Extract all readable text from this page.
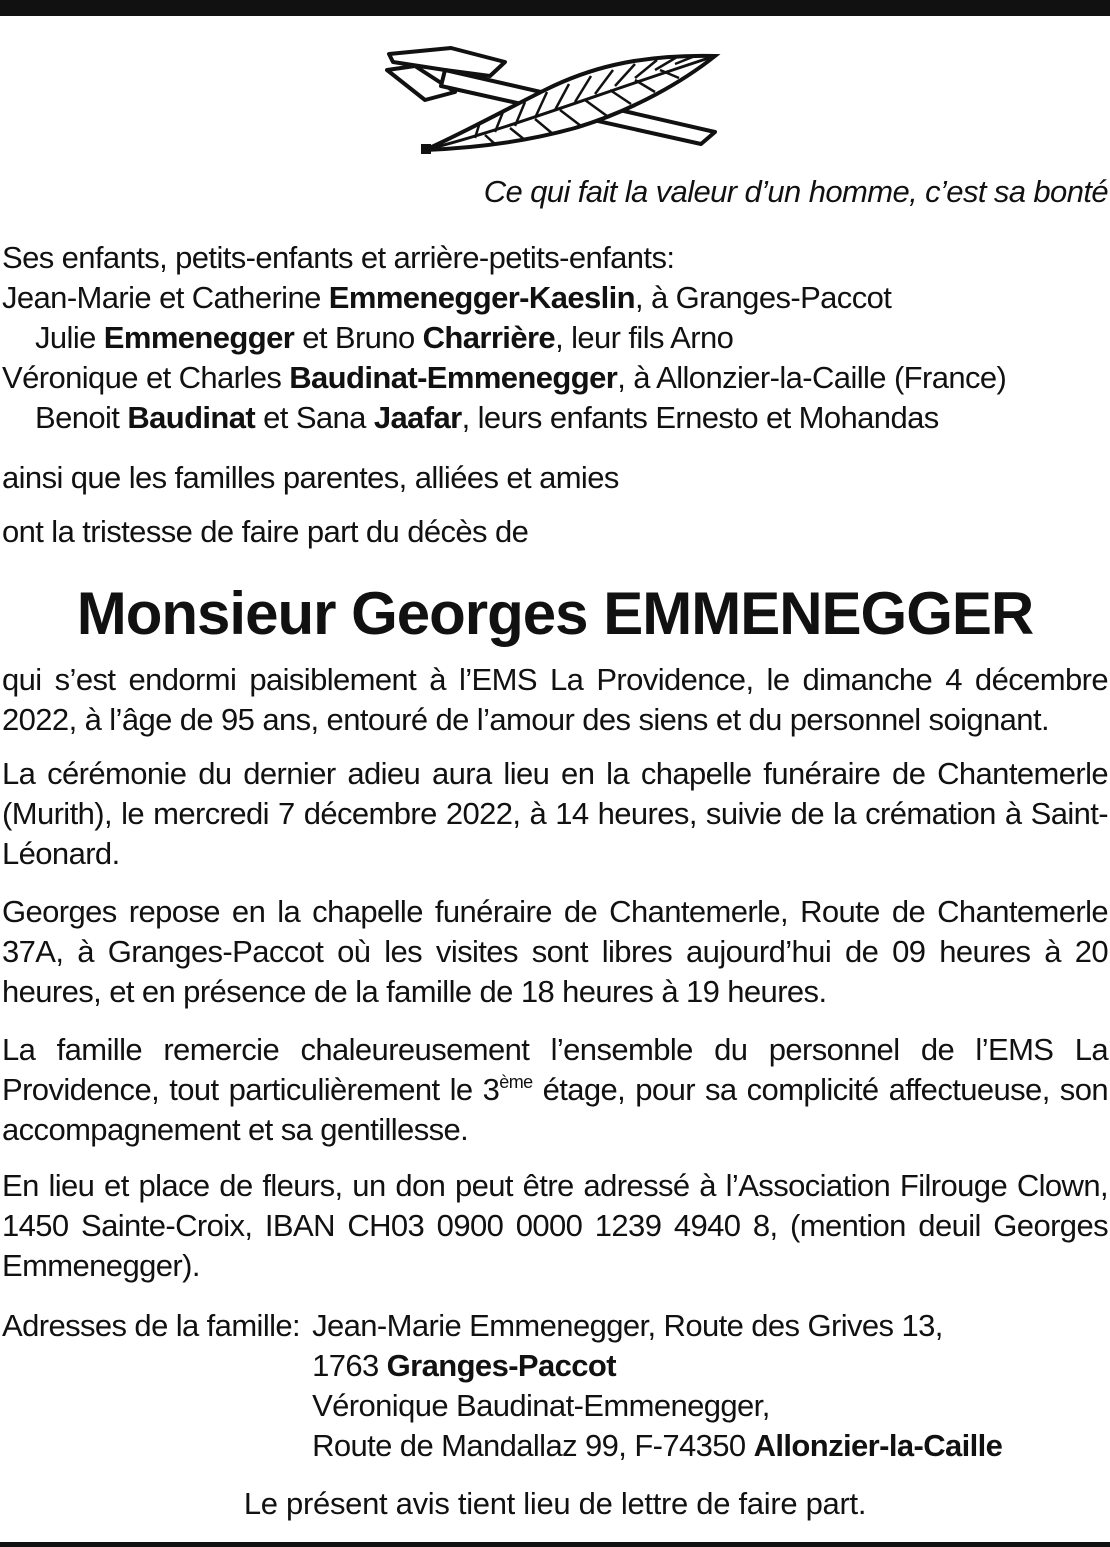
Ce qui fait la valeur d’un homme, c’est sa bonté
Ses enfants, petits-enfants et arrière-petits-enfants:
Jean-Marie et Catherine Emmenegger-Kaeslin, à Granges-Paccot
Julie Emmenegger et Bruno Charrière, leur fils Arno
Véronique et Charles Baudinat-Emmenegger, à Allonzier-la-Caille (France)
Benoit Baudinat et Sana Jaafar, leurs enfants Ernesto et Mohandas
ainsi que les familles parentes, alliées et amies
ont la tristesse de faire part du décès de
Monsieur Georges EMMENEGGER
qui s’est endormi paisiblement à l’EMS La Providence, le dimanche 4 décembre 2022, à l’âge de 95 ans, entouré de l’amour des siens et du personnel soignant.
La cérémonie du dernier adieu aura lieu en la chapelle funéraire de Chantemerle (Murith), le mercredi 7 décembre 2022, à 14 heures, suivie de la crémation à Saint-Léonard.
Georges repose en la chapelle funéraire de Chantemerle, Route de Chantemerle 37A, à Granges-Paccot où les visites sont libres aujourd’hui de 09 heures à 20 heures, et en présence de la famille de 18 heures à 19 heures.
La famille remercie chaleureusement l’ensemble du personnel de l’EMS La Providence, tout particulièrement le 3ème étage, pour sa complicité affectueuse, son accompagnement et sa gentillesse.
En lieu et place de fleurs, un don peut être adressé à l’Association Filrouge Clown, 1450 Sainte-Croix, IBAN CH03 0900 0000 1239 4940 8, (mention deuil Georges Emmenegger).
Adresses de la famille: Jean-Marie Emmenegger, Route des Grives 13,
1763 Granges-Paccot
Véronique Baudinat-Emmenegger,
Route de Mandallaz 99, F-74350 Allonzier-la-Caille
Le présent avis tient lieu de lettre de faire part.
